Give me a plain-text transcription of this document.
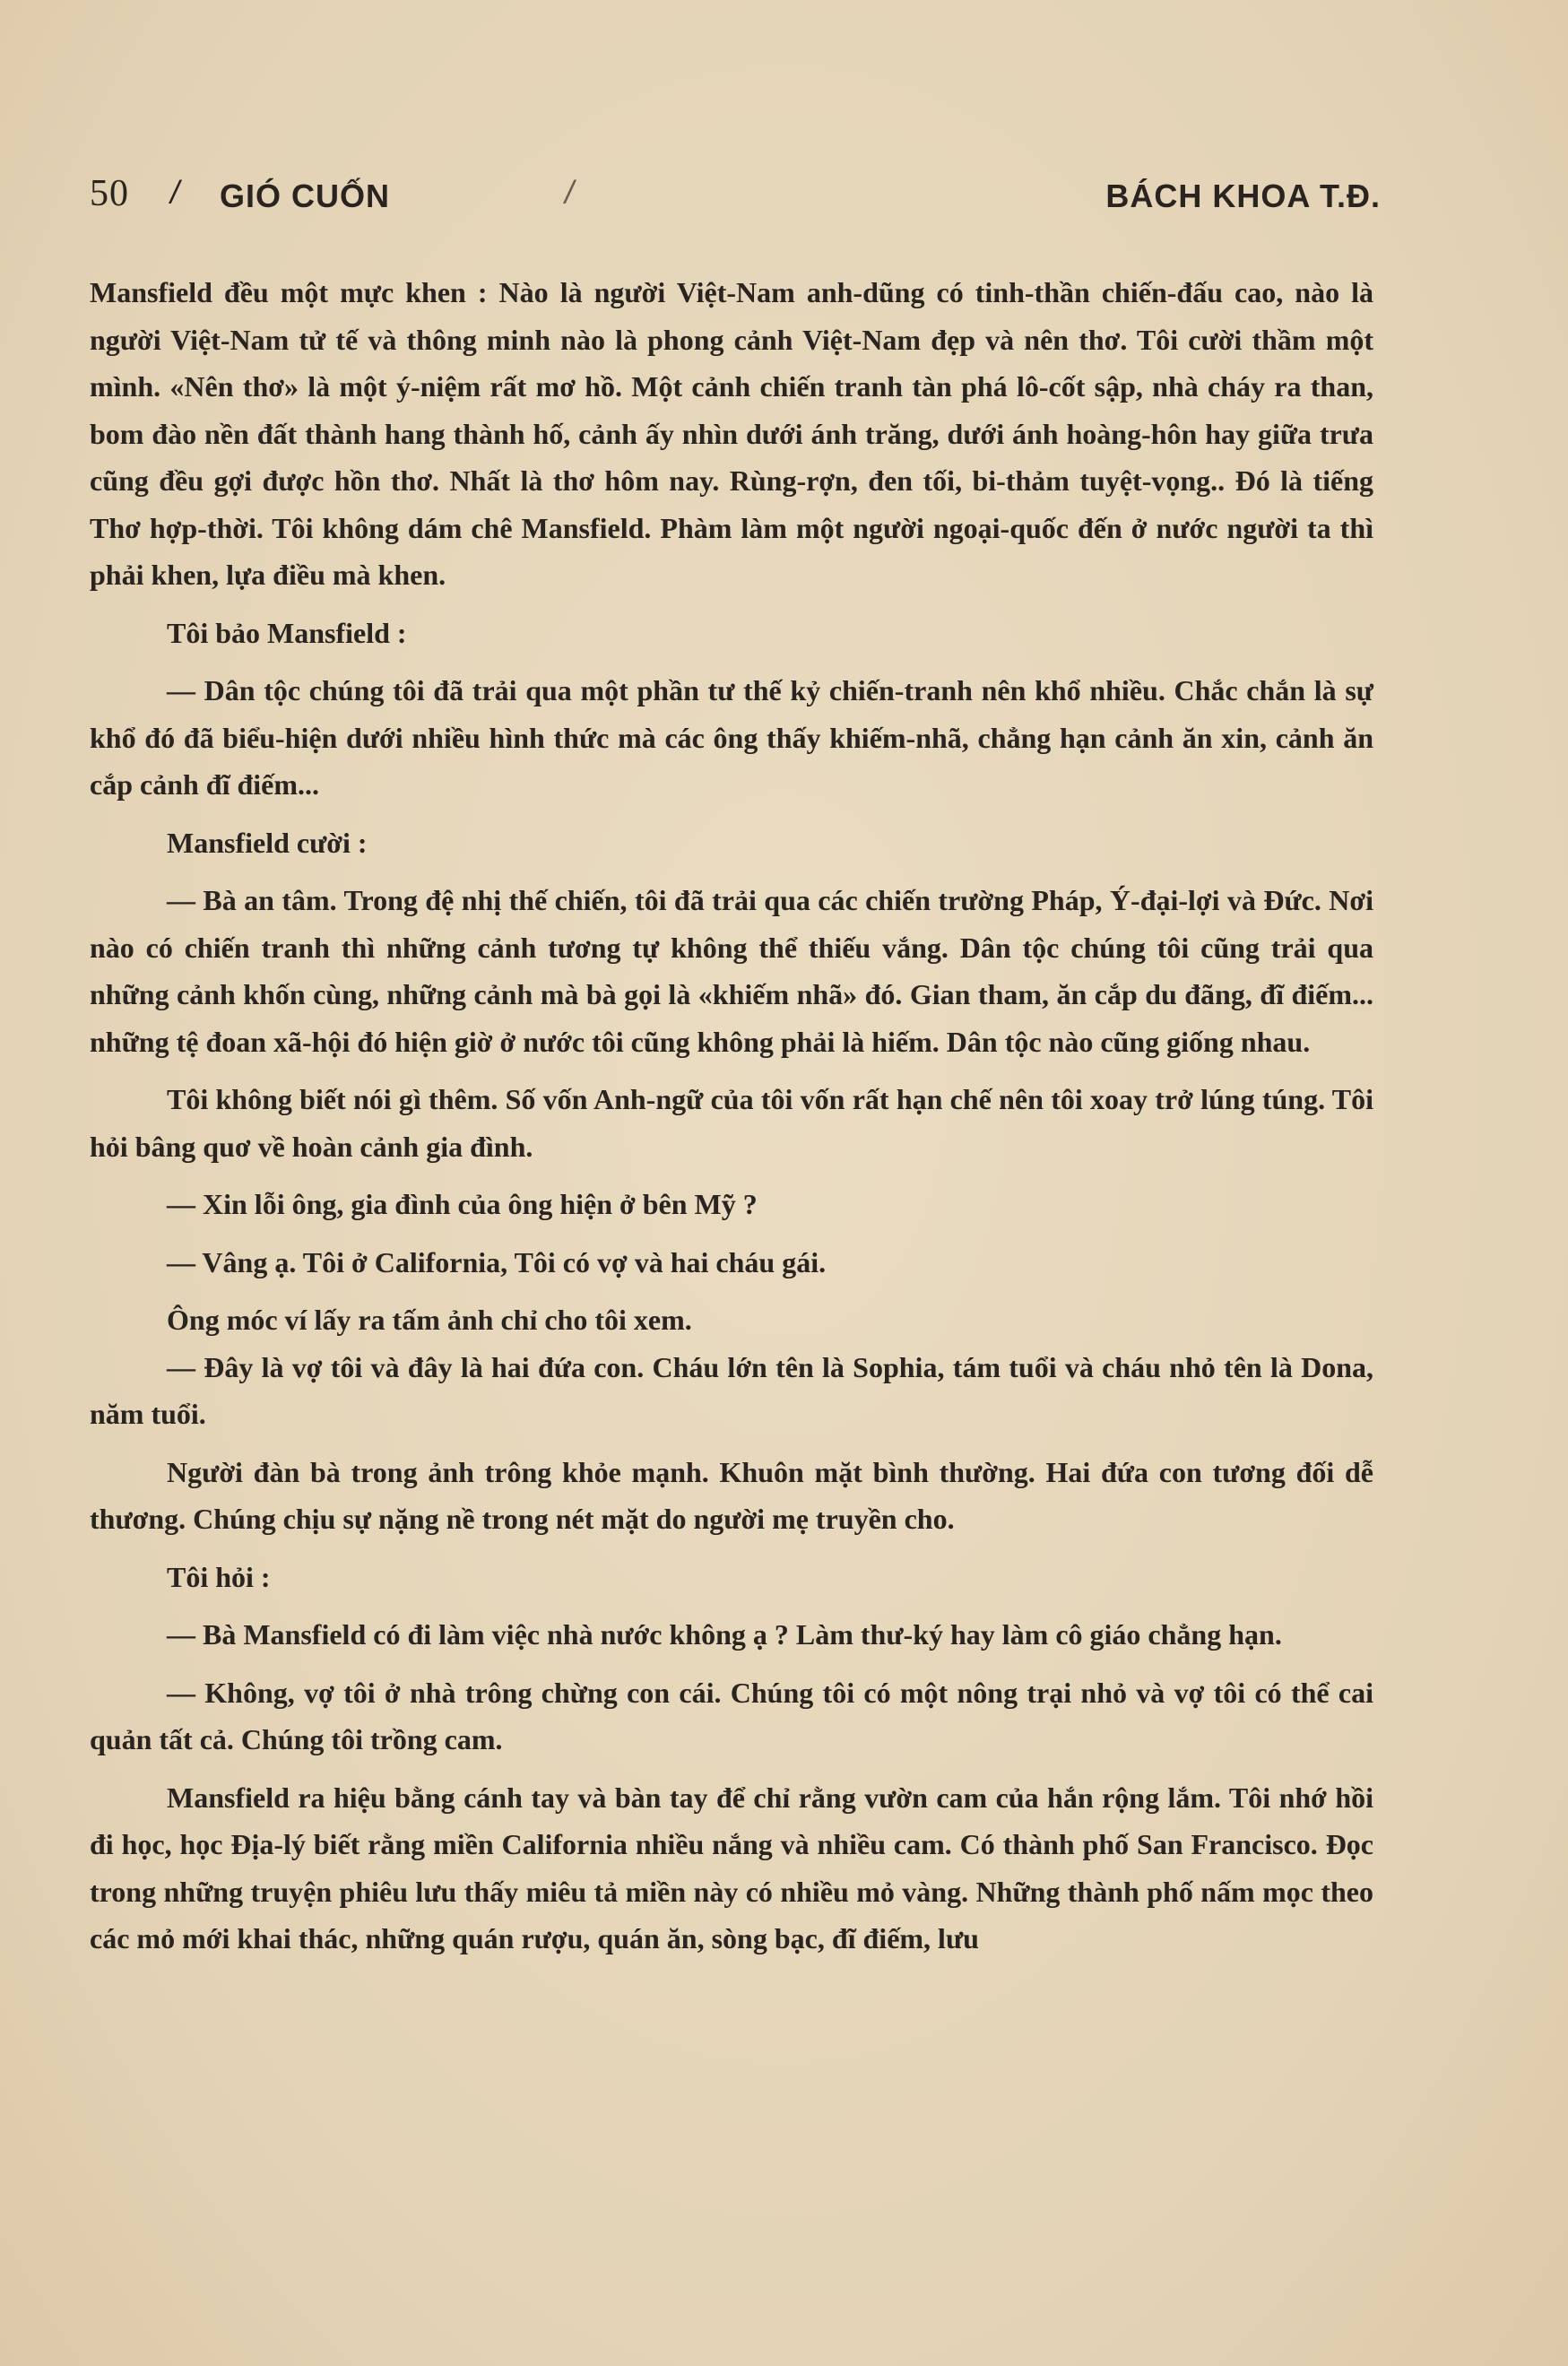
50 / GIÓ CUỐN	/	BÁCH KHOA T.Đ.

Mansfield đều một mực khen : Nào là người Việt-Nam anh-dũng có tinh-thần chiến-đấu cao, nào là người Việt-Nam tử tế và thông minh nào là phong cảnh Việt-Nam đẹp và nên thơ. Tôi cười thầm một mình. «Nên thơ» là một ý-niệm rất mơ hồ. Một cảnh chiến tranh tàn phá lô-cốt sập, nhà cháy ra than, bom đào nền đất thành hang thành hố, cảnh ấy nhìn dưới ánh trăng, dưới ánh hoàng-hôn hay giữa trưa cũng đều gợi được hồn thơ. Nhất là thơ hôm nay. Rùng-rợn, đen tối, bi-thảm tuyệt-vọng.. Đó là tiếng Thơ hợp-thời. Tôi không dám chê Mansfield. Phàm làm một người ngoại-quốc đến ở nước người ta thì phải khen, lựa điều mà khen.

Tôi bảo Mansfield :

— Dân tộc chúng tôi đã trải qua một phần tư thế kỷ chiến-tranh nên khổ nhiều. Chắc chắn là sự khổ đó đã biểu-hiện dưới nhiều hình thức mà các ông thấy khiếm-nhã, chẳng hạn cảnh ăn xin, cảnh ăn cắp cảnh đĩ điếm...

Mansfield cười :

— Bà an tâm. Trong đệ nhị thế chiến, tôi đã trải qua các chiến trường Pháp, Ý-đại-lợi và Đức. Nơi nào có chiến tranh thì những cảnh tương tự không thể thiếu vắng. Dân tộc chúng tôi cũng trải qua những cảnh khốn cùng, những cảnh mà bà gọi là «khiếm nhã» đó. Gian tham, ăn cắp du đãng, đĩ điếm... những tệ đoan xã-hội đó hiện giờ ở nước tôi cũng không phải là hiếm. Dân tộc nào cũng giống nhau.

Tôi không biết nói gì thêm. Số vốn Anh-ngữ của tôi vốn rất hạn chế nên tôi xoay trở lúng túng. Tôi hỏi bâng quơ về hoàn cảnh gia đình.

— Xin lỗi ông, gia đình của ông hiện ở bên Mỹ ?

— Vâng ạ. Tôi ở California, Tôi có vợ và hai cháu gái.

Ông móc ví lấy ra tấm ảnh chỉ cho tôi xem.

— Đây là vợ tôi và đây là hai đứa con. Cháu lớn tên là Sophia, tám tuổi và cháu nhỏ tên là Dona, năm tuổi.

Người đàn bà trong ảnh trông khỏe mạnh. Khuôn mặt bình thường. Hai đứa con tương đối dễ thương. Chúng chịu sự nặng nề trong nét mặt do người mẹ truyền cho.

Tôi hỏi :

— Bà Mansfield có đi làm việc nhà nước không ạ ? Làm thư-ký hay làm cô giáo chẳng hạn.

— Không, vợ tôi ở nhà trông chừng con cái. Chúng tôi có một nông trại nhỏ và vợ tôi có thể cai quản tất cả. Chúng tôi trồng cam.

Mansfield ra hiệu bằng cánh tay và bàn tay để chỉ rằng vườn cam của hắn rộng lắm. Tôi nhớ hồi đi học, học Địa-lý biết rằng miền California nhiều nắng và nhiều cam. Có thành phố San Francisco. Đọc trong những truyện phiêu lưu thấy miêu tả miền này có nhiều mỏ vàng. Những thành phố nấm mọc theo các mỏ mới khai thác, những quán rượu, quán ăn, sòng bạc, đĩ điếm, lưu
